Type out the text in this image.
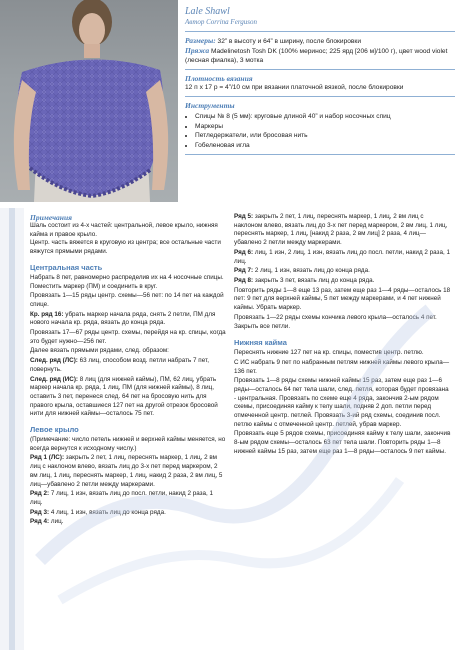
Lale Shawl
Автор Corrina Ferguson

Размеры: 32” в высоту и 64” в ширину, после блокировки

Пряжа Madelinetosh Tosh DK (100% меринос; 225 ярд [206 м]/100 г), цвет wood violet (лесная фиалка), 3 мотка

Плотность вязания

12 п х 17 р = 4”/10 см при вязании платочной вязкой, после блокировки

Инструменты
• Спицы № 8 (5 мм): круговые длиной 40” и набор носочных спиц
• Маркеры
• Петледержатели, или бросовая нить
• Гобеленовая игла
Примечания

Шаль состоит из 4-х частей: центральной, левое крыло, нижняя кайма и правое крыло.
Центр. часть вяжется в круговую из центра; все остальные части вяжутся прямыми рядами.

Центральная часть

Набрать 8 пет, равномерно распределив их на 4 носочные спицы. Поместить маркер (ПМ) и соединить в круг.

Провязать 1—15 ряды центр. схемы—56 пет: по 14 пет на каждой спице.

Кр. ряд 16: убрать маркер начала ряда, снять 2 петли, ПМ для нового начала кр. ряда, вязать до конца ряда.

Провязать 17—67 ряды центр. схемы, перейдя на кр. спицы, когда это будет нужно—256 пет.

Далее вязать прямыми рядами, след. образом:

След. ряд (ЛС): 63 лиц, способом возд. петли набрать 7 пет, повернуть.

След. ряд (ИС): 8 лиц (для нижней каймы), ПМ, 62 лиц, убрать маркер начала кр. ряда, 1 лиц, ПМ (для нижней каймы), 8 лиц, оставить 3 пет, перенеся след. 64 пет на бросовую нить для правого крыла, оставшиеся 127 пет на другой отрезок бросовой нити для нижней каймы—осталось 75 пет.

Левое крыло

(Примечание: число петель нижней и верхней каймы меняется, но всегда вернутся к исходному числу.)

Ряд 1 (ЛС): закрыть 2 пет, 1 лиц, переснять маркер, 1 лиц, 2 вм лиц с наклоном влево, вязать лиц до 3-х пет перед маркером, 2 вм лиц, 1 лиц, переснять маркер, 1 лиц, накид 2 раза, 2 вм лиц, 5 лиц—убавлено 2 петли между маркерами.

Ряд 2: 7 лиц, 1 изн, вязать лиц до посл. петли, накид 2 раза, 1 лиц.

Ряд 3: 4 лиц, 1 изн, вязать лиц до конца ряда.

Ряд 4: лиц.

Ряд 5: закрыть 2 пет, 1 лиц, переснять маркер, 1 лиц, 2 вм лиц с наклоном влево, вязать лиц до 3-х пет перед маркером, 2 вм лиц, 1 лиц, переснять маркер, 1 лиц, [накид 2 раза, 2 вм лиц] 2 раза, 4 лиц—убавлено 2 петли между маркерами.

Ряд 6: лиц, 1 изн, 2 лиц, 1 изн, вязать лиц до посл. петли, накид 2 раза, 1 лиц.

Ряд 7: 2 лиц, 1 изн, вязать лиц до конца ряда.

Ряд 8: закрыть 3 пет, вязать лиц до конца ряда.

Повторить ряды 1—8 еще 13 раз, затем еще раз 1—4 ряды—осталось 18 пет: 9 пет для верхней каймы, 5 пет между маркерами, и 4 пет нижней каймы. Убрать маркер.

Провязать 1—22 ряды схемы кончика левого крыла—осталось 4 пет.

Закрыть все петли.

Нижняя кайма

Переснять нижние 127 пет на кр. спицы, поместив центр. петлю.

С ИС набрать 9 пет по набранным петлям нижней каймы левого крыла—136 пет.

Провязать 1—8 ряды схемы нижней каймы 15 раз, затем еще раз 1—6 ряды—осталось 64 пет тела шали, след. петля, которая будет провязана - центральная. Провязать по схеме еще 4 ряда, закончив 2-ым рядом схемы, присоединяя кайму к телу шали, подняв 2 доп. петли перед отмеченной центр. петлей. Провязать 3-ий ряд схемы, соединив посл. петлю каймы с отмеченной центр. петлей, убрав маркер.

Провязать еще 5 рядов схемы, присоединяя кайму к телу шали, закончив 8-ым рядом схемы—осталось 63 пет тела шали. Повторить ряды 1—8 нижней каймы 15 раз, затем еще раз 1—8 ряды—осталось 9 пет каймы.
